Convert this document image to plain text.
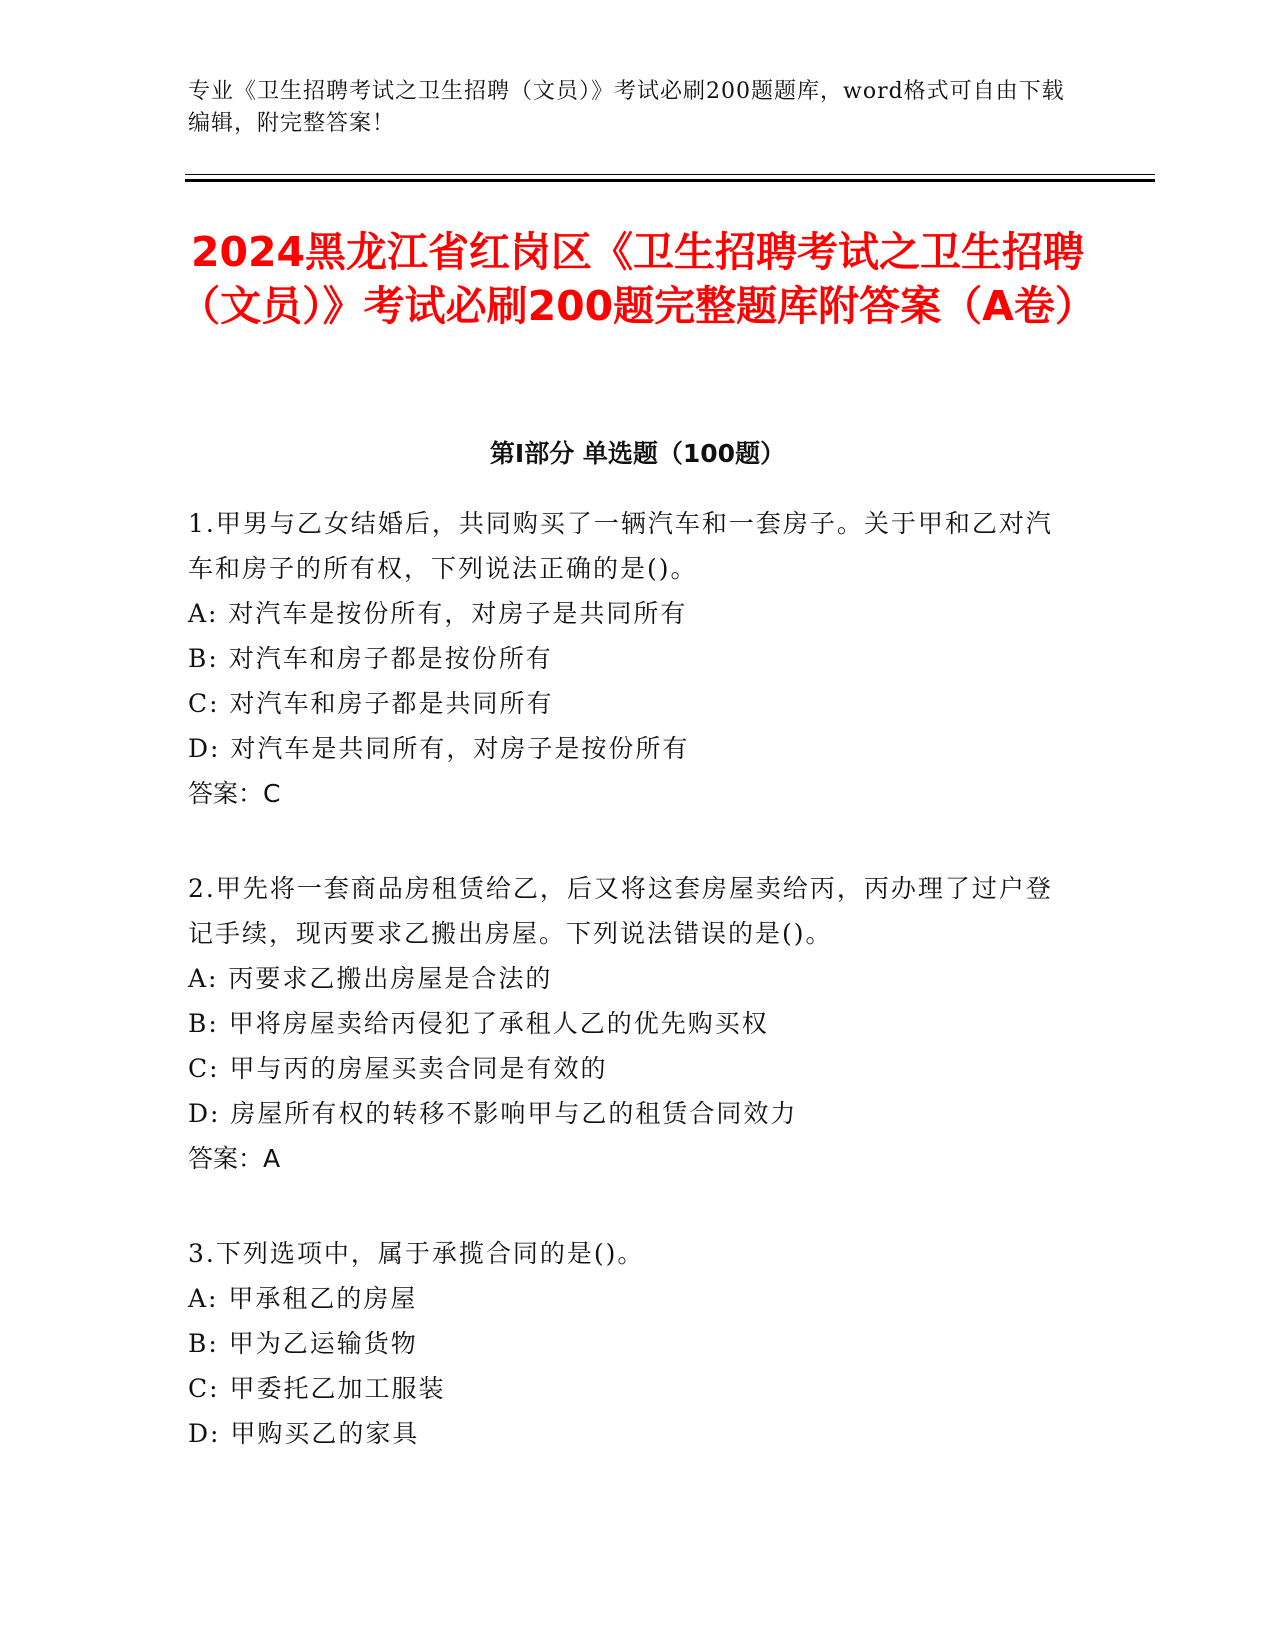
专业《卫生招聘考试之卫生招聘（文员）》考试必刷200题题库，word格式可自由下载编辑，附完整答案！
2024黑龙江省红岗区《卫生招聘考试之卫生招聘（文员）》考试必刷200题完整题库附答案（A卷）
第I部分 单选题（100题）

1.甲男与乙女结婚后，共同购买了一辆汽车和一套房子。关于甲和乙对汽车和房子的所有权，下列说法正确的是()。

A: 对汽车是按份所有，对房子是共同所有

B: 对汽车和房子都是按份所有

C: 对汽车和房子都是共同所有

D: 对汽车是共同所有，对房子是按份所有

答案：C

2.甲先将一套商品房租赁给乙，后又将这套房屋卖给丙，丙办理了过户登记手续，现丙要求乙搬出房屋。下列说法错误的是()。

A: 丙要求乙搬出房屋是合法的

B: 甲将房屋卖给丙侵犯了承租人乙的优先购买权

C: 甲与丙的房屋买卖合同是有效的

D: 房屋所有权的转移不影响甲与乙的租赁合同效力

答案：A

3.下列选项中，属于承揽合同的是()。

A: 甲承租乙的房屋

B: 甲为乙运输货物

C: 甲委托乙加工服装

D: 甲购买乙的家具
